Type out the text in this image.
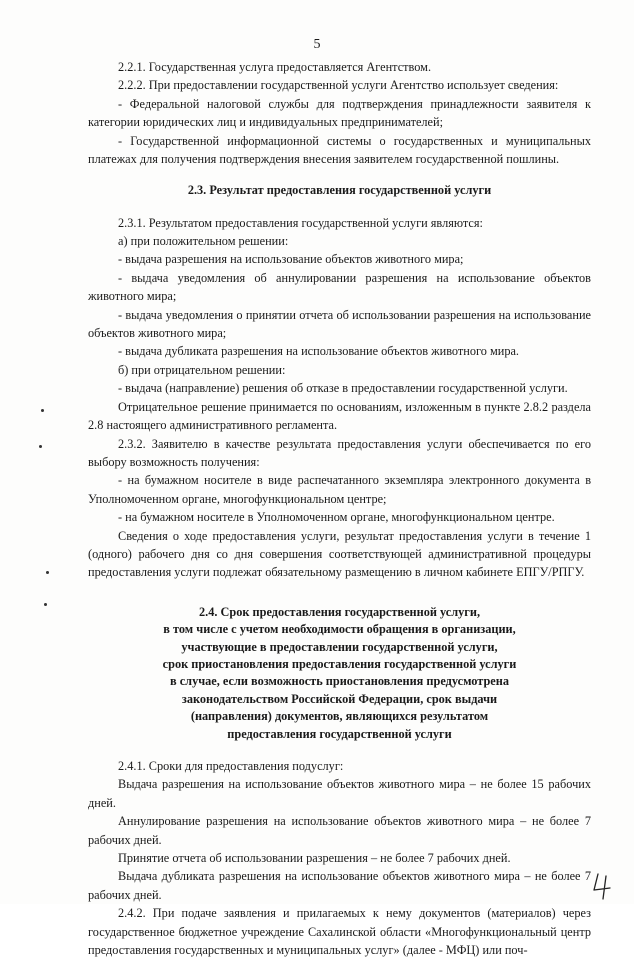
5

2.2.1. Государственная услуга предоставляется Агентством.

2.2.2. При предоставлении государственной услуги Агентство использует сведения:

- Федеральной налоговой службы для подтверждения принадлежности заявителя к категории юридических лиц и индивидуальных предпринимателей;

- Государственной информационной системы о государственных и муниципальных платежах для получения подтверждения внесения заявителем государственной пошлины.

2.3. Результат предоставления государственной услуги

2.3.1. Результатом предоставления государственной услуги являются:

а) при положительном решении:

- выдача разрешения на использование объектов животного мира;

- выдача уведомления об аннулировании разрешения на использование объектов животного мира;

- выдача уведомления о принятии отчета об использовании разрешения на использование объектов животного мира;

- выдача дубликата разрешения на использование объектов животного мира.

б) при отрицательном решении:

- выдача (направление) решения об отказе в предоставлении государственной услуги.

Отрицательное решение принимается по основаниям, изложенным в пункте 2.8.2 раздела 2.8 настоящего административного регламента.

2.3.2. Заявителю в качестве результата предоставления услуги обеспечивается по его выбору возможность получения:

- на бумажном носителе в виде распечатанного экземпляра электронного документа в Уполномоченном органе, многофункциональном центре;

- на бумажном носителе в Уполномоченном органе, многофункциональном центре.

Сведения о ходе предоставления услуги, результат предоставления услуги в течение 1 (одного) рабочего дня со дня совершения соответствующей административной процедуры предоставления услуги подлежат обязательному размещению в личном кабинете ЕПГУ/РПГУ.

2.4. Срок предоставления государственной услуги,

в том числе с учетом необходимости обращения в организации,

участвующие в предоставлении государственной услуги,

срок приостановления предоставления государственной услуги

в случае, если возможность приостановления предусмотрена

законодательством Российской Федерации, срок выдачи

(направления) документов, являющихся результатом

предоставления государственной услуги

2.4.1. Сроки для предоставления подуслуг:

Выдача разрешения на использование объектов животного мира – не более 15 рабочих дней.

Аннулирование разрешения на использование объектов животного мира – не более 7 рабочих дней.

Принятие отчета об использовании разрешения – не более 7 рабочих дней.

Выдача дубликата разрешения на использование объектов животного мира – не более 7 рабочих дней.

2.4.2. При подаче заявления и прилагаемых к нему документов (материалов) через государственное бюджетное учреждение Сахалинской области «Многофункциональный центр предоставления государственных и муниципальных услуг» (далее - МФЦ) или поч-
